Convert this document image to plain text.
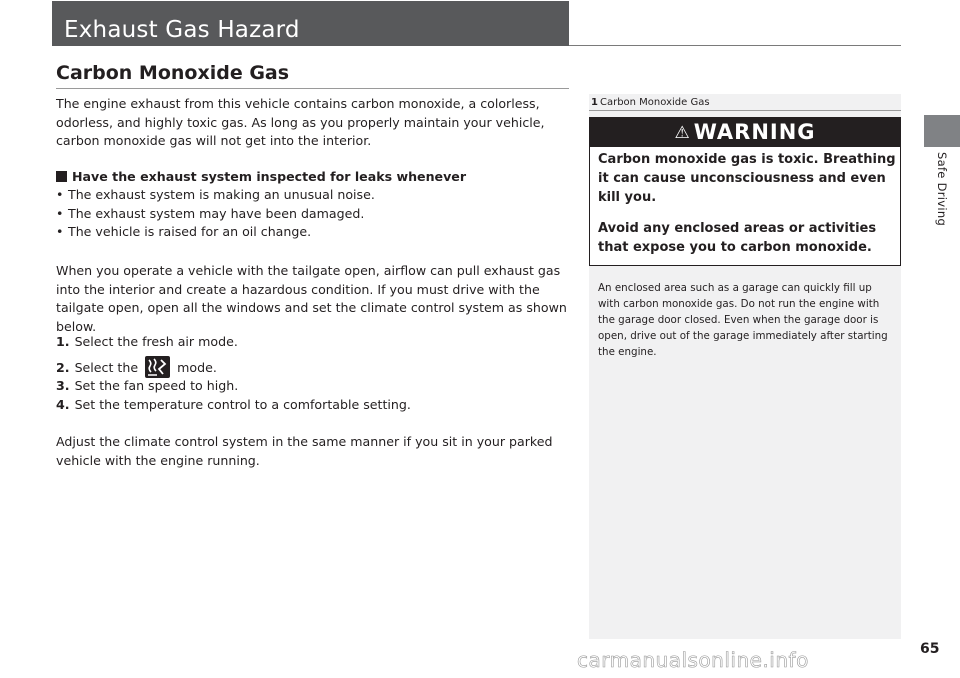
Exhaust Gas Hazard
Safe Driving
Carbon Monoxide Gas

The engine exhaust from this vehicle contains carbon monoxide, a colorless, odorless, and highly toxic gas. As long as you properly maintain your vehicle, carbon monoxide gas will not get into the interior.

Have the exhaust system inspected for leaks whenever
• The exhaust system is making an unusual noise.
• The exhaust system may have been damaged.
• The vehicle is raised for an oil change.

When you operate a vehicle with the tailgate open, airflow can pull exhaust gas into the interior and create a hazardous condition. If you must drive with the tailgate open, open all the windows and set the climate control system as shown below.

1. Select the fresh air mode.
2. Select the	mode.
3. Set the fan speed to high.
4. Set the temperature control to a comfortable setting.

Adjust the climate control system in the same manner if you sit in your parked vehicle with the engine running.

1 Carbon Monoxide Gas
⚠ WARNING

Carbon monoxide gas is toxic. Breathing it can cause unconsciousness and even kill you.

Avoid any enclosed areas or activities that expose you to carbon monoxide.

An enclosed area such as a garage can quickly fill up with carbon monoxide gas. Do not run the engine with the garage door closed. Even when the garage door is open, drive out of the garage immediately after starting the engine.

65
carmanualsonline.info
